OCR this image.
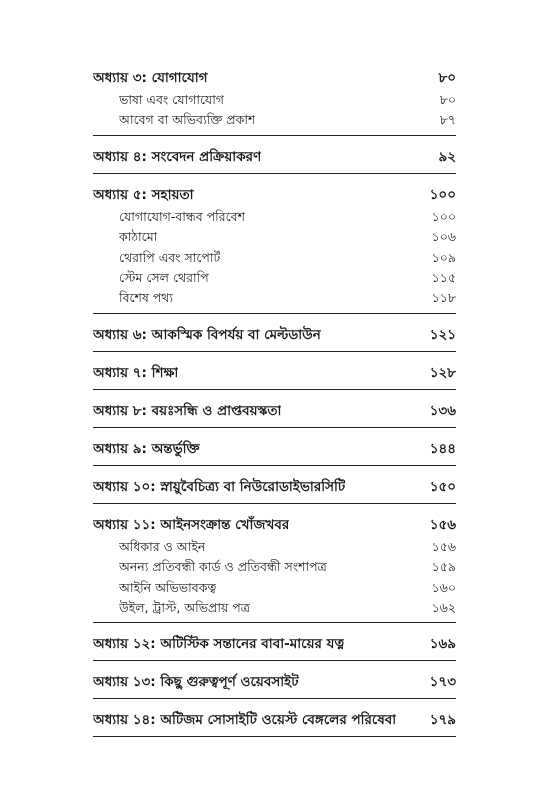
অধ্যায় ৩: যোগাযোগ	৮০
ভাষা এবং যোগাযোগ	৮০
আবেগ বা অভিব্যক্তি প্রকাশ	৮৭
অধ্যায় ৪: সংবেদন প্রক্রিয়াকরণ	৯২
অধ্যায় ৫: সহায়তা	১০০
যোগাযোগ-বান্ধব পরিবেশ	১০০
কাঠামো	১০৬
থেরাপি এবং সাপোর্ট	১০৯
স্টেম সেল থেরাপি	১১৫
বিশেষ পথ্য	১১৮
অধ্যায় ৬: আকস্মিক বিপর্যয় বা মেল্টডাউন	১২১
অধ্যায় ৭: শিক্ষা	১২৮
অধ্যায় ৮: বয়ঃসন্ধি ও প্রাপ্তবয়স্কতা	১৩৬
অধ্যায় ৯: অন্তর্ভুক্তি	১৪৪
অধ্যায় ১০: স্নায়ুবৈচিত্র্য বা নিউরোডাইভারসিটি	১৫০
অধ্যায় ১১: আইনসংক্রান্ত খোঁজখবর	১৫৬
অধিকার ও আইন	১৫৬
অনন্য প্রতিবন্ধী কার্ড ও প্রতিবন্ধী সংশাপত্র	১৫৯
আইনি অভিভাবকত্ব	১৬০
উইল, ট্রাস্ট, অভিপ্রায় পত্র	১৬২
অধ্যায় ১২: অটিস্টিক সন্তানের বাবা-মায়ের যত্ন	১৬৯
অধ্যায় ১৩: কিছু গুরুত্বপূর্ণ ওয়েবসাইট	১৭৩
অধ্যায় ১৪: অটিজম সোসাইটি ওয়েস্ট বেঙ্গলের পরিষেবা	১৭৯
